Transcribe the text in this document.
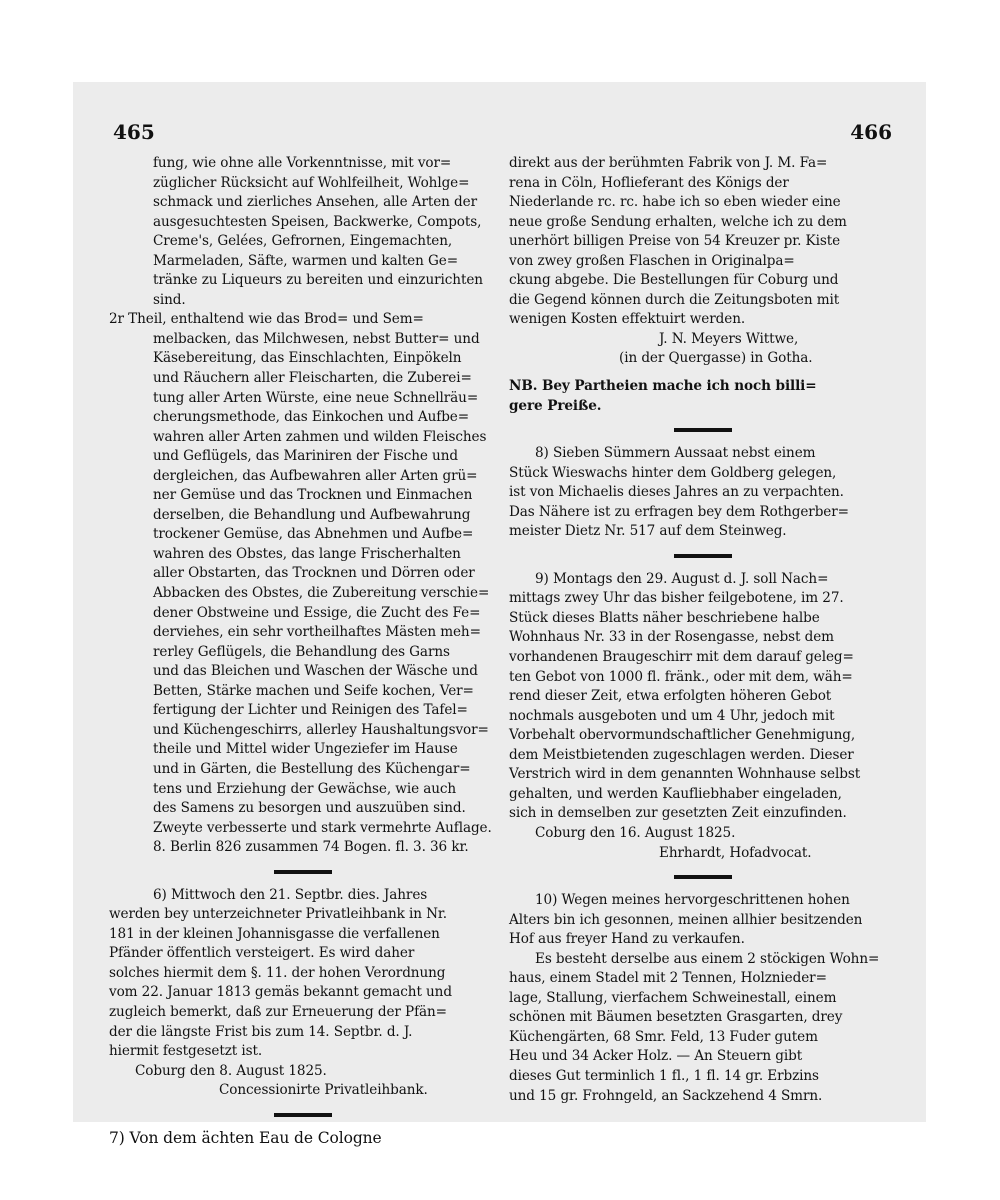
465	466
fung, wie ohne alle Vorkenntnisse, mit vor=
züglicher Rücksicht auf Wohlfeilheit, Wohlge=
schmack und zierliches Ansehen, alle Arten der
ausgesuchtesten Speisen, Backwerke, Compots,
Creme's, Gelées, Gefrornen, Eingemachten,
Marmeladen, Säfte, warmen und kalten Ge=
tränke zu Liqueurs zu bereiten und einzurichten
sind.
2r Theil, enthaltend wie das Brod= und Sem=
melbacken, das Milchwesen, nebst Butter= und
Käsebereitung, das Einschlachten, Einpökeln
und Räuchern aller Fleischarten, die Zuberei=
tung aller Arten Würste, eine neue Schnellräu=
cherungsmethode, das Einkochen und Aufbe=
wahren aller Arten zahmen und wilden Fleisches
und Geflügels, das Mariniren der Fische und
dergleichen, das Aufbewahren aller Arten grü=
ner Gemüse und das Trocknen und Einmachen
derselben, die Behandlung und Aufbewahrung
trockener Gemüse, das Abnehmen und Aufbe=
wahren des Obstes, das lange Frischerhalten
aller Obstarten, das Trocknen und Dörren oder
Abbacken des Obstes, die Zubereitung verschie=
dener Obstweine und Essige, die Zucht des Fe=
derviehes, ein sehr vortheilhaftes Mästen meh=
rerley Geflügels, die Behandlung des Garns
und das Bleichen und Waschen der Wäsche und
Betten, Stärke machen und Seife kochen, Ver=
fertigung der Lichter und Reinigen des Tafel=
und Küchengeschirrs, allerley Haushaltungsvor=
theile und Mittel wider Ungeziefer im Hause
und in Gärten, die Bestellung des Küchengar=
tens und Erziehung der Gewächse, wie auch
des Samens zu besorgen und auszuüben sind.
Zweyte verbesserte und stark vermehrte Auflage.
8. Berlin 826 zusammen 74 Bogen. fl. 3. 36 kr.
6) Mittwoch den 21. Septbr. dies. Jahres
werden bey unterzeichneter Privatleihbank in Nr.
181 in der kleinen Johannisgasse die verfallenen
Pfänder öffentlich versteigert. Es wird daher
solches hiermit dem §. 11. der hohen Verordnung
vom 22. Januar 1813 gemäs bekannt gemacht und
zugleich bemerkt, daß zur Erneuerung der Pfän=
der die längste Frist bis zum 14. Septbr. d. J.
hiermit festgesetzt ist.
Coburg den 8. August 1825.
Concessionirte Privatleihbank.
7) Von dem ächten Eau de Cologne
direkt aus der berühmten Fabrik von J. M. Fa=
rena in Cöln, Hoflieferant des Königs der
Niederlande rc. rc. habe ich so eben wieder eine
neue große Sendung erhalten, welche ich zu dem
unerhört billigen Preise von 54 Kreuzer pr. Kiste
von zwey großen Flaschen in Originalpa=
ckung abgebe. Die Bestellungen für Coburg und
die Gegend können durch die Zeitungsboten mit
wenigen Kosten effektuirt werden.
J. N. Meyers Wittwe,
(in der Quergasse) in Gotha.
NB. Bey Partheien mache ich noch billi=
gere Preiße.
8) Sieben Sümmern Aussaat nebst einem
Stück Wieswachs hinter dem Goldberg gelegen,
ist von Michaelis dieses Jahres an zu verpachten.
Das Nähere ist zu erfragen bey dem Rothgerber=
meister Dietz Nr. 517 auf dem Steinweg.
9) Montags den 29. August d. J. soll Nach=
mittags zwey Uhr das bisher feilgebotene, im 27.
Stück dieses Blatts näher beschriebene halbe
Wohnhaus Nr. 33 in der Rosengasse, nebst dem
vorhandenen Braugeschirr mit dem darauf geleg=
ten Gebot von 1000 fl. fränk., oder mit dem, wäh=
rend dieser Zeit, etwa erfolgten höheren Gebot
nochmals ausgeboten und um 4 Uhr, jedoch mit
Vorbehalt obervormundschaftlicher Genehmigung,
dem Meistbietenden zugeschlagen werden. Dieser
Verstrich wird in dem genannten Wohnhause selbst
gehalten, und werden Kaufliebhaber eingeladen,
sich in demselben zur gesetzten Zeit einzufinden.
Coburg den 16. August 1825.
Ehrhardt, Hofadvocat.
10) Wegen meines hervorgeschrittenen hohen
Alters bin ich gesonnen, meinen allhier besitzenden
Hof aus freyer Hand zu verkaufen.
Es besteht derselbe aus einem 2 stöckigen Wohn=
haus, einem Stadel mit 2 Tennen, Holznieder=
lage, Stallung, vierfachem Schweinestall, einem
schönen mit Bäumen besetzten Grasgarten, drey
Küchengärten, 68 Smr. Feld, 13 Fuder gutem
Heu und 34 Acker Holz. — An Steuern gibt
dieses Gut terminlich 1 fl., 1 fl. 14 gr. Erbzins
und 15 gr. Frohngeld, an Sackzehend 4 Smrn.
